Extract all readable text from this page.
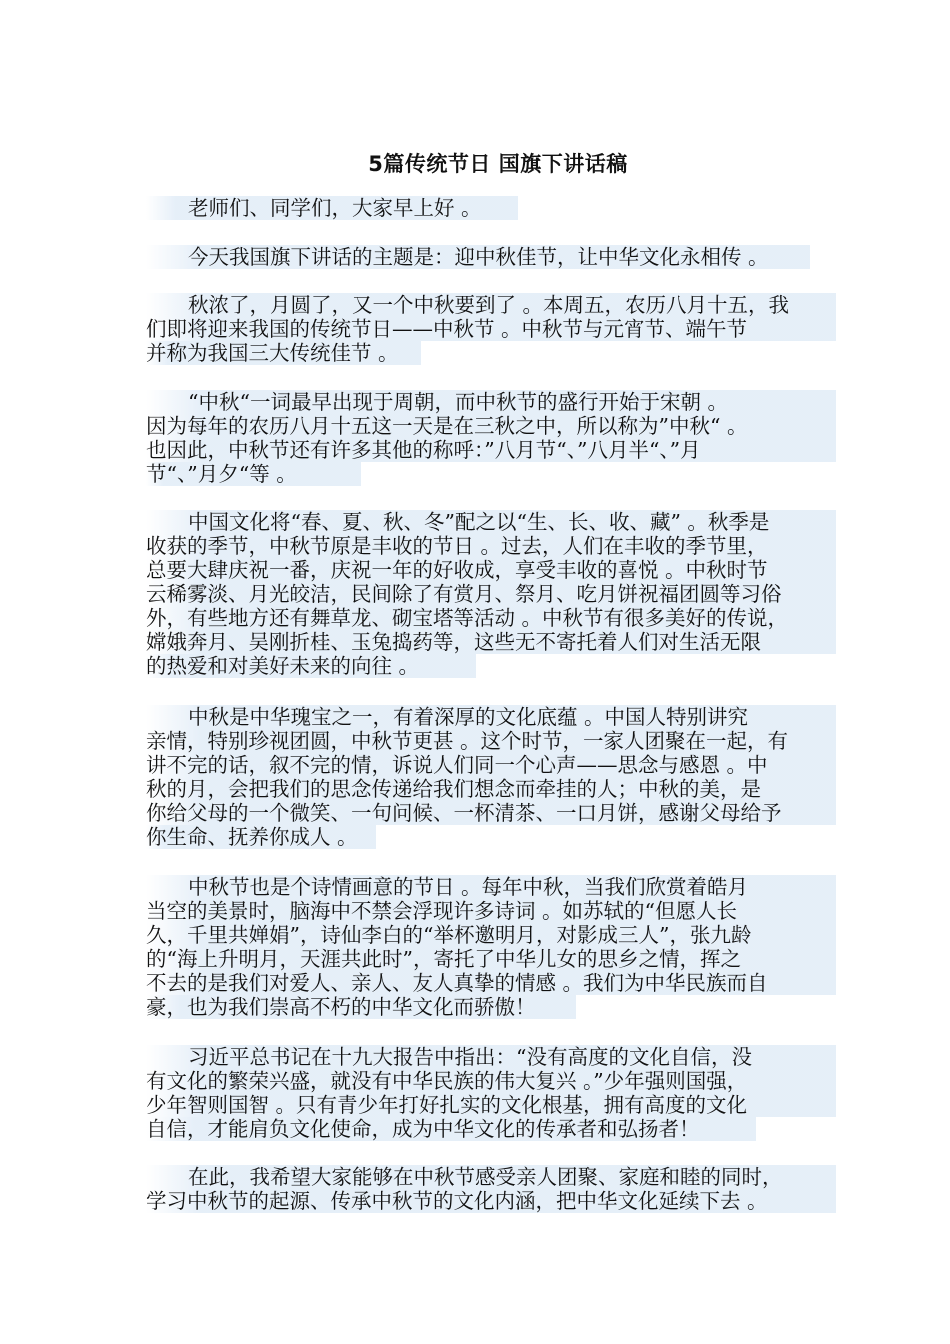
5篇传统节日 国旗下讲话稿
老师们、同学们，大家早上好 。
今天我国旗下讲话的主题是：迎中秋佳节，让中华文化永相传 。
秋浓了，月圆了，又一个中秋要到了 。本周五，农历八月十五，我
们即将迎来我国的传统节日——中秋节 。中秋节与元宵节、端午节
并称为我国三大传统佳节 。
“中秋“一词最早出现于周朝，而中秋节的盛行开始于宋朝 。
因为每年的农历八月十五这一天是在三秋之中，所以称为”中秋“ 。
也因此，中秋节还有许多其他的称呼：”八月节“、”八月半“、”月
节“、”月夕“等 。
中国文化将“春、夏、秋、冬”配之以“生、长、收、藏” 。秋季是
收获的季节，中秋节原是丰收的节日 。过去，人们在丰收的季节里，
总要大肆庆祝一番，庆祝一年的好收成，享受丰收的喜悦 。中秋时节
云稀雾淡、月光皎洁，民间除了有赏月、祭月、吃月饼祝福团圆等习俗
外，有些地方还有舞草龙、砌宝塔等活动 。中秋节有很多美好的传说，
嫦娥奔月、吴刚折桂、玉兔捣药等，这些无不寄托着人们对生活无限
的热爱和对美好未来的向往 。
中秋是中华瑰宝之一，有着深厚的文化底蕴 。中国人特别讲究
亲情，特别珍视团圆，中秋节更甚 。这个时节，一家人团聚在一起，有
讲不完的话，叙不完的情，诉说人们同一个心声——思念与感恩 。中
秋的月，会把我们的思念传递给我们想念而牵挂的人；中秋的美，是
你给父母的一个微笑、一句问候、一杯清茶、一口月饼，感谢父母给予
你生命、抚养你成人 。
中秋节也是个诗情画意的节日 。每年中秋，当我们欣赏着皓月
当空的美景时，脑海中不禁会浮现许多诗词 。如苏轼的“但愿人长
久，千里共婵娟”，诗仙李白的“举杯邀明月，对影成三人”，张九龄
的“海上升明月，天涯共此时”，寄托了中华儿女的思乡之情，挥之
不去的是我们对爱人、亲人、友人真挚的情感 。我们为中华民族而自
豪，也为我们崇高不朽的中华文化而骄傲！
习近平总书记在十九大报告中指出：“没有高度的文化自信，没
有文化的繁荣兴盛，就没有中华民族的伟大复兴 。”少年强则国强，
少年智则国智 。只有青少年打好扎实的文化根基，拥有高度的文化
自信，才能肩负文化使命，成为中华文化的传承者和弘扬者！
在此，我希望大家能够在中秋节感受亲人团聚、家庭和睦的同时，
学习中秋节的起源、传承中秋节的文化内涵，把中华文化延续下去 。
